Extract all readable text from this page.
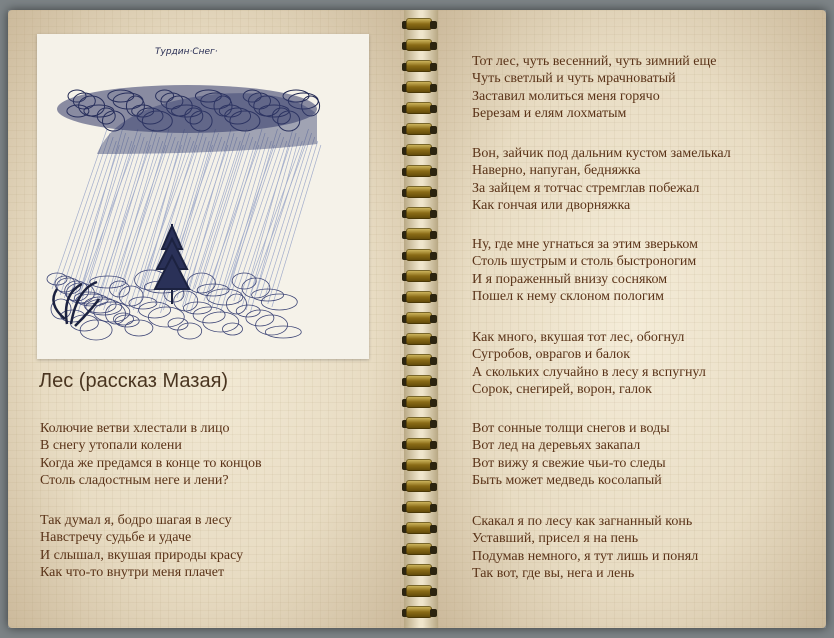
Турдин·Снег·
Лес (рассказ Мазая)
Колючие ветви хлестали в лицо
В снегу утопали колени
Когда же предамся в конце то концов
Столь сладостным неге и лени?
Так думал я, бодро шагая в лесу
Навстречу судьбе и удаче
И слышал, вкушая природы красу
Как что-то внутри меня плачет
Тот лес, чуть весенний, чуть зимний еще
Чуть светлый и чуть мрачноватый
Заставил молиться меня горячо
Березам и елям лохматым
Вон, зайчик под дальним кустом замелькал
Наверно, напуган, бедняжка
За зайцем я тотчас стремглав побежал
Как гончая или дворняжка
Ну, где мне угнаться за этим зверьком
Столь шустрым и столь быстроногим
И я пораженный внизу сосняком
Пошел к нему склоном пологим
Как много, вкушая тот лес, обогнул
Сугробов, оврагов и балок
А скольких случайно в лесу я вспугнул
Сорок, снегирей, ворон, галок
Вот сонные толщи снегов и воды
Вот лед на деревьях закапал
Вот вижу я свежие чьи-то следы
Быть может медведь косолапый
Скакал я по лесу как загнанный конь
Уставший, присел я на пень
Подумав немного, я тут лишь и понял
Так вот, где вы, нега и лень
